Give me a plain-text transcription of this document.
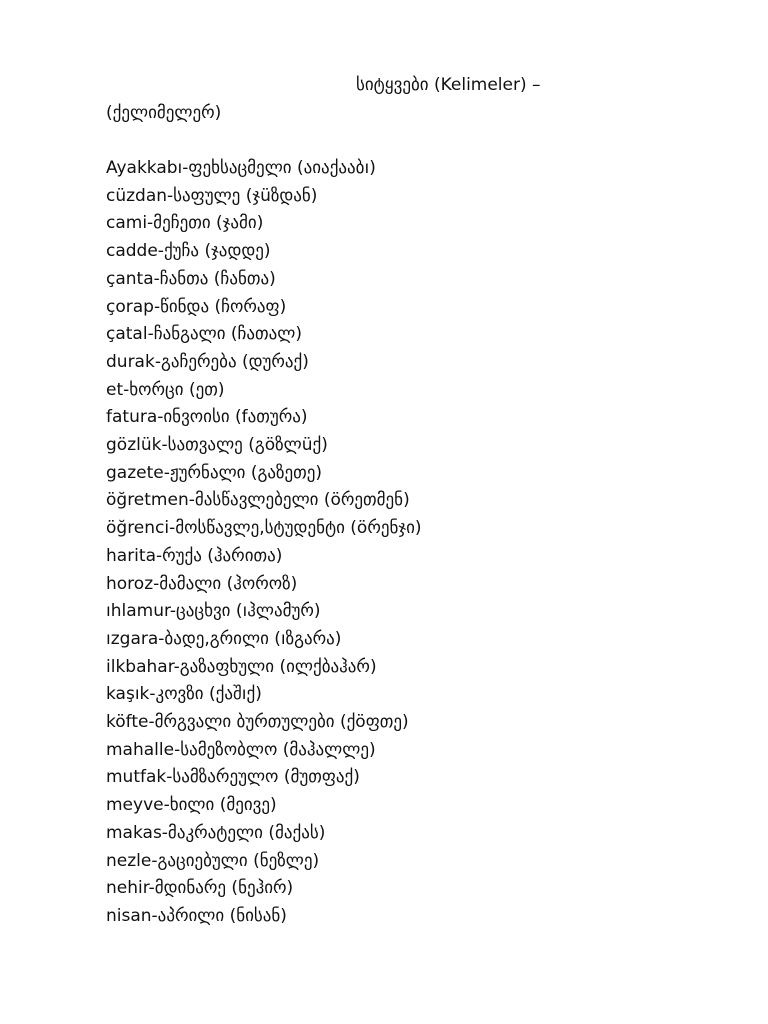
სიტყვები (Kelimeler) –
(ქელიმელერ)
Ayakkabı-ფეხსაცმელი (აიაქააბı)
cüzdan-საფულე (ჯüზდან)
cami-მეჩეთი (ჯამი)
cadde-ქუჩა (ჯადდე)
çanta-ჩანთა (ჩანთა)
çorap-წინდა (ჩორაფ)
çatal-ჩანგალი (ჩათალ)
durak-გაჩერება (დურაქ)
et-ხორცი (ეთ)
fatura-ინვოისი (fათურა)
gözlük-სათვალე (გöზლüქ)
gazete-ჟურნალი (გაზეთე)
öğretmen-მასწავლებელი (öრეთმენ)
öğrenci-მოსწავლე,სტუდენტი (öრენჯი)
harita-რუქა (ჰარითა)
horoz-მამალი (ჰოროზ)
ıhlamur-ცაცხვი (ıჰლამურ)
ızgara-ბადე,გრილი (ıზგარა)
ilkbahar-გაზაფხული (ილქბაჰარ)
kaşık-კოვზი (ქაშıქ)
köfte-მრგვალი ბურთულები (ქöფთე)
mahalle-სამეზობლო (მაჰალლე)
mutfak-სამზარეულო (მუთფაქ)
meyve-ხილი (მეივე)
makas-მაკრატელი (მაქას)
nezle-გაციებული (ნეზლე)
nehir-მდინარე (ნეჰირ)
nisan-აპრილი (ნისან)
